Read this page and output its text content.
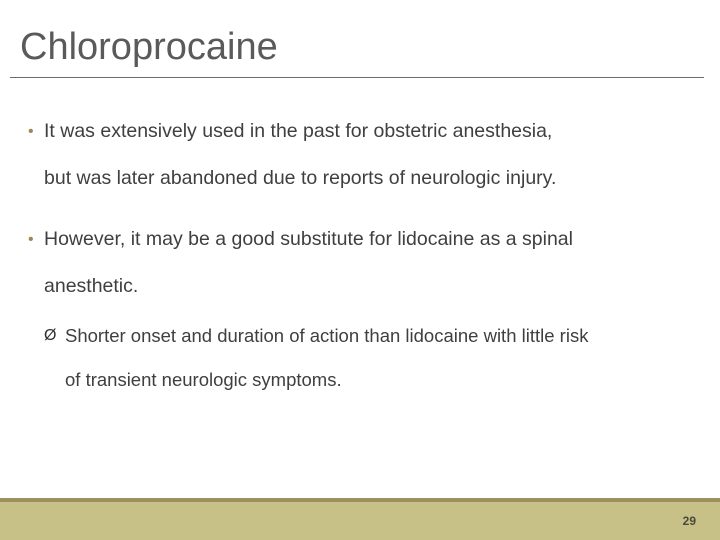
Chloroprocaine
• It was extensively used in the past for obstetric anesthesia,
but was later abandoned due to reports of neurologic injury.
• However, it may be a good substitute for lidocaine as a spinal
anesthetic.
Ø Shorter onset and duration of action than lidocaine with little risk
of transient neurologic symptoms.
29
